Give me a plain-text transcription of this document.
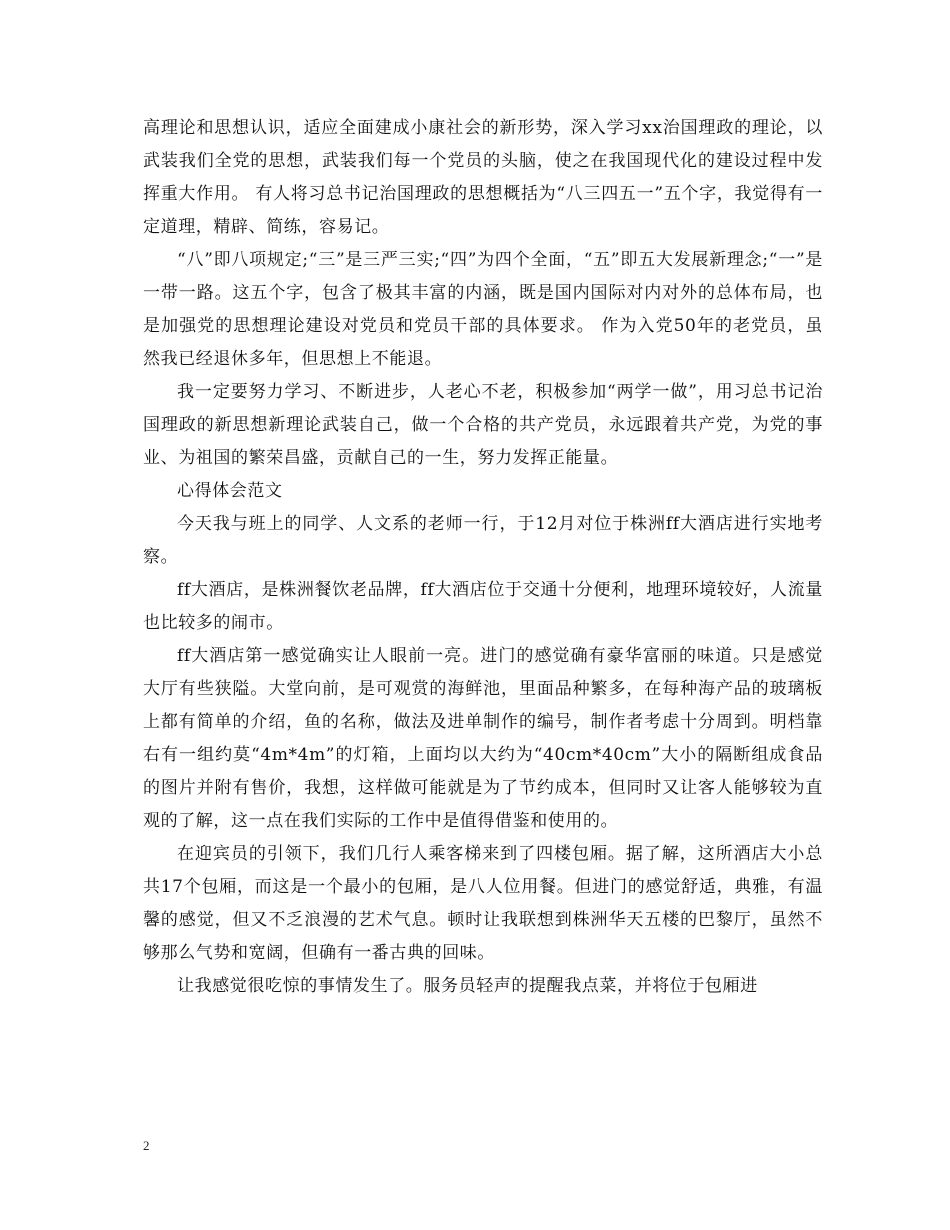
高理论和思想认识，适应全面建成小康社会的新形势，深入学习xx治国理政的理论，以武装我们全党的思想，武装我们每一个党员的头脑，使之在我国现代化的建设过程中发挥重大作用。 有人将习总书记治国理政的思想概括为“八三四五一”五个字，我觉得有一定道理，精辟、简练，容易记。

“八”即八项规定;“三”是三严三实;“四”为四个全面，“五”即五大发展新理念;“一”是一带一路。这五个字，包含了极其丰富的内涵，既是国内国际对内对外的总体布局，也是加强党的思想理论建设对党员和党员干部的具体要求。 作为入党50年的老党员，虽然我已经退休多年，但思想上不能退。

我一定要努力学习、不断进步，人老心不老，积极参加“两学一做”，用习总书记治国理政的新思想新理论武装自己，做一个合格的共产党员，永远跟着共产党，为党的事业、为祖国的繁荣昌盛，贡献自己的一生，努力发挥正能量。

心得体会范文

今天我与班上的同学、人文系的老师一行，于12月对位于株洲ff大酒店进行实地考察。

ff大酒店，是株洲餐饮老品牌，ff大酒店位于交通十分便利，地理环境较好，人流量也比较多的闹市。

ff大酒店第一感觉确实让人眼前一亮。进门的感觉确有豪华富丽的味道。只是感觉大厅有些狭隘。大堂向前，是可观赏的海鲜池，里面品种繁多，在每种海产品的玻璃板上都有简单的介绍，鱼的名称，做法及进单制作的编号，制作者考虑十分周到。明档靠右有一组约莫“4m*4m”的灯箱，上面均以大约为“40cm*40cm”大小的隔断组成食品的图片并附有售价，我想，这样做可能就是为了节约成本，但同时又让客人能够较为直观的了解，这一点在我们实际的工作中是值得借鉴和使用的。

在迎宾员的引领下，我们几行人乘客梯来到了四楼包厢。据了解，这所酒店大小总共17个包厢，而这是一个最小的包厢，是八人位用餐。但进门的感觉舒适，典雅，有温馨的感觉，但又不乏浪漫的艺术气息。顿时让我联想到株洲华天五楼的巴黎厅，虽然不够那么气势和宽阔，但确有一番古典的回味。

让我感觉很吃惊的事情发生了。服务员轻声的提醒我点菜，并将位于包厢进

2
